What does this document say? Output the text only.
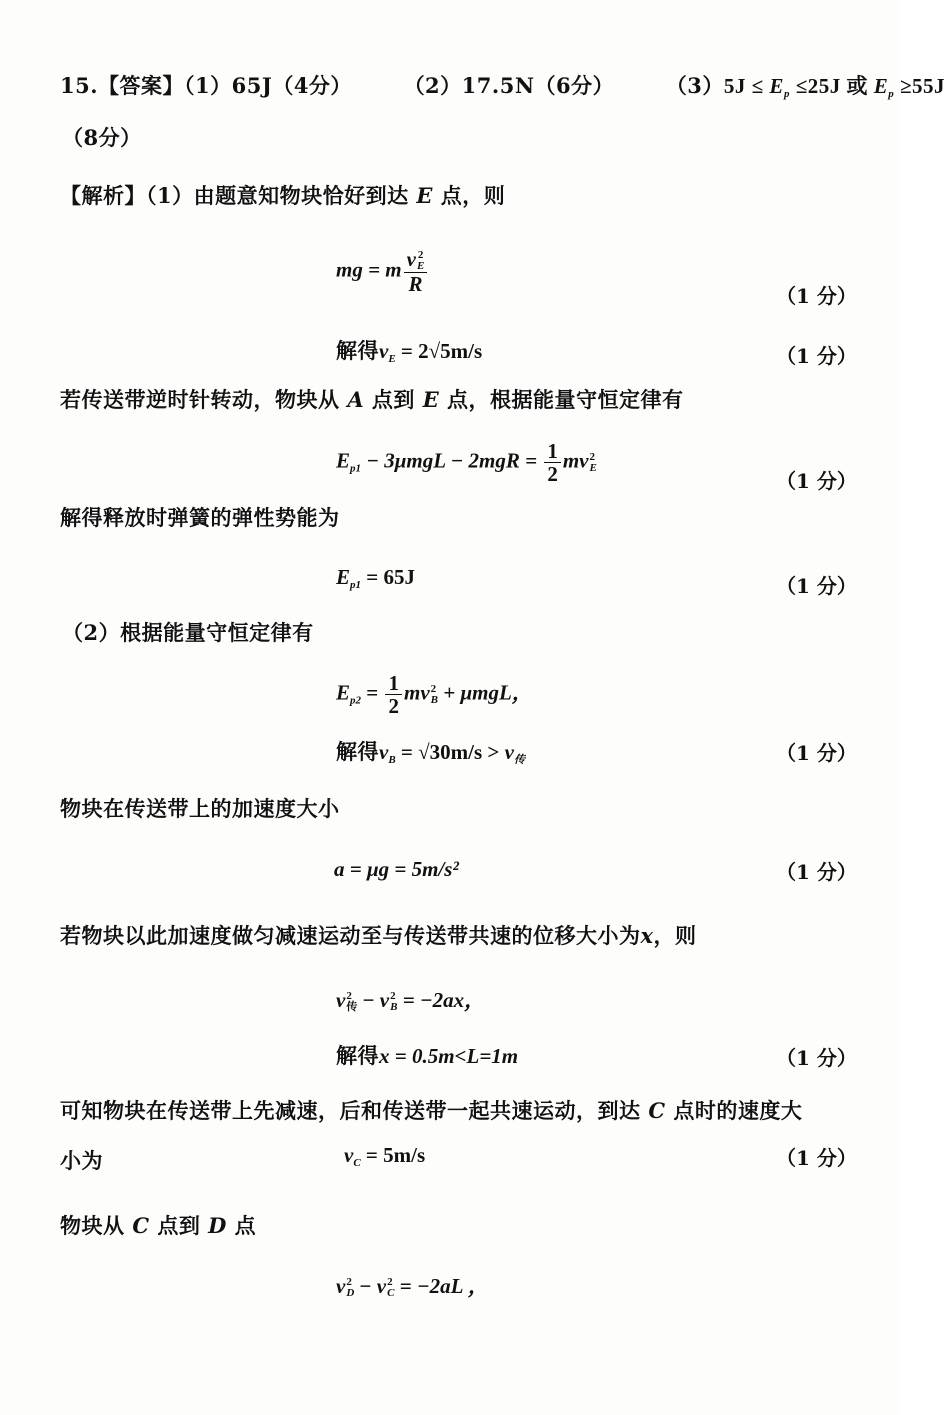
15.【答案】（1）65J（4分） （2）17.5N（6分） $(3)5J \le E_p \le 25J$ 或 $E_p \ge 55J$
（8分）
【解析】（1）由题意知物块恰好到达 E 点，则
mg = m v 2
E
R
（1 分）
解得$v_E = 2√5m/s$	（1 分）
若传送带逆时针转动，物块从 A 点到 E 点，根据能量守恒定律有
$E_{p1} - 3\mu mgL - 2mgR = \frac{1}{2}$ mv 2
E
（1 分）
解得释放时弹簧的弹性势能为
$E_{p1} = 65J$	（1 分）
（2）根据能量守恒定律有
$E_{p2} = \frac{1}{2}$ mv 2
B + μmgL，
解得$v_B = √30m/s > v_传$	（1 分）
物块在传送带上的加速度大小
a = μg = 5m/s²	（1 分）
若物块以此加速度做匀减速运动至与传送带共速的位移大小为x，则
v 2
传 − v 2
B = −2ax，
解得x = 0.5m<L=1m	（1 分）
可知物块在传送带上先减速，后和传送带一起共速运动，到达 C 点时的速度大
小为	$v_C = 5m/s$	（1 分）
物块从 C 点到 D 点
v 2
D − v 2
C = −2aL ，
